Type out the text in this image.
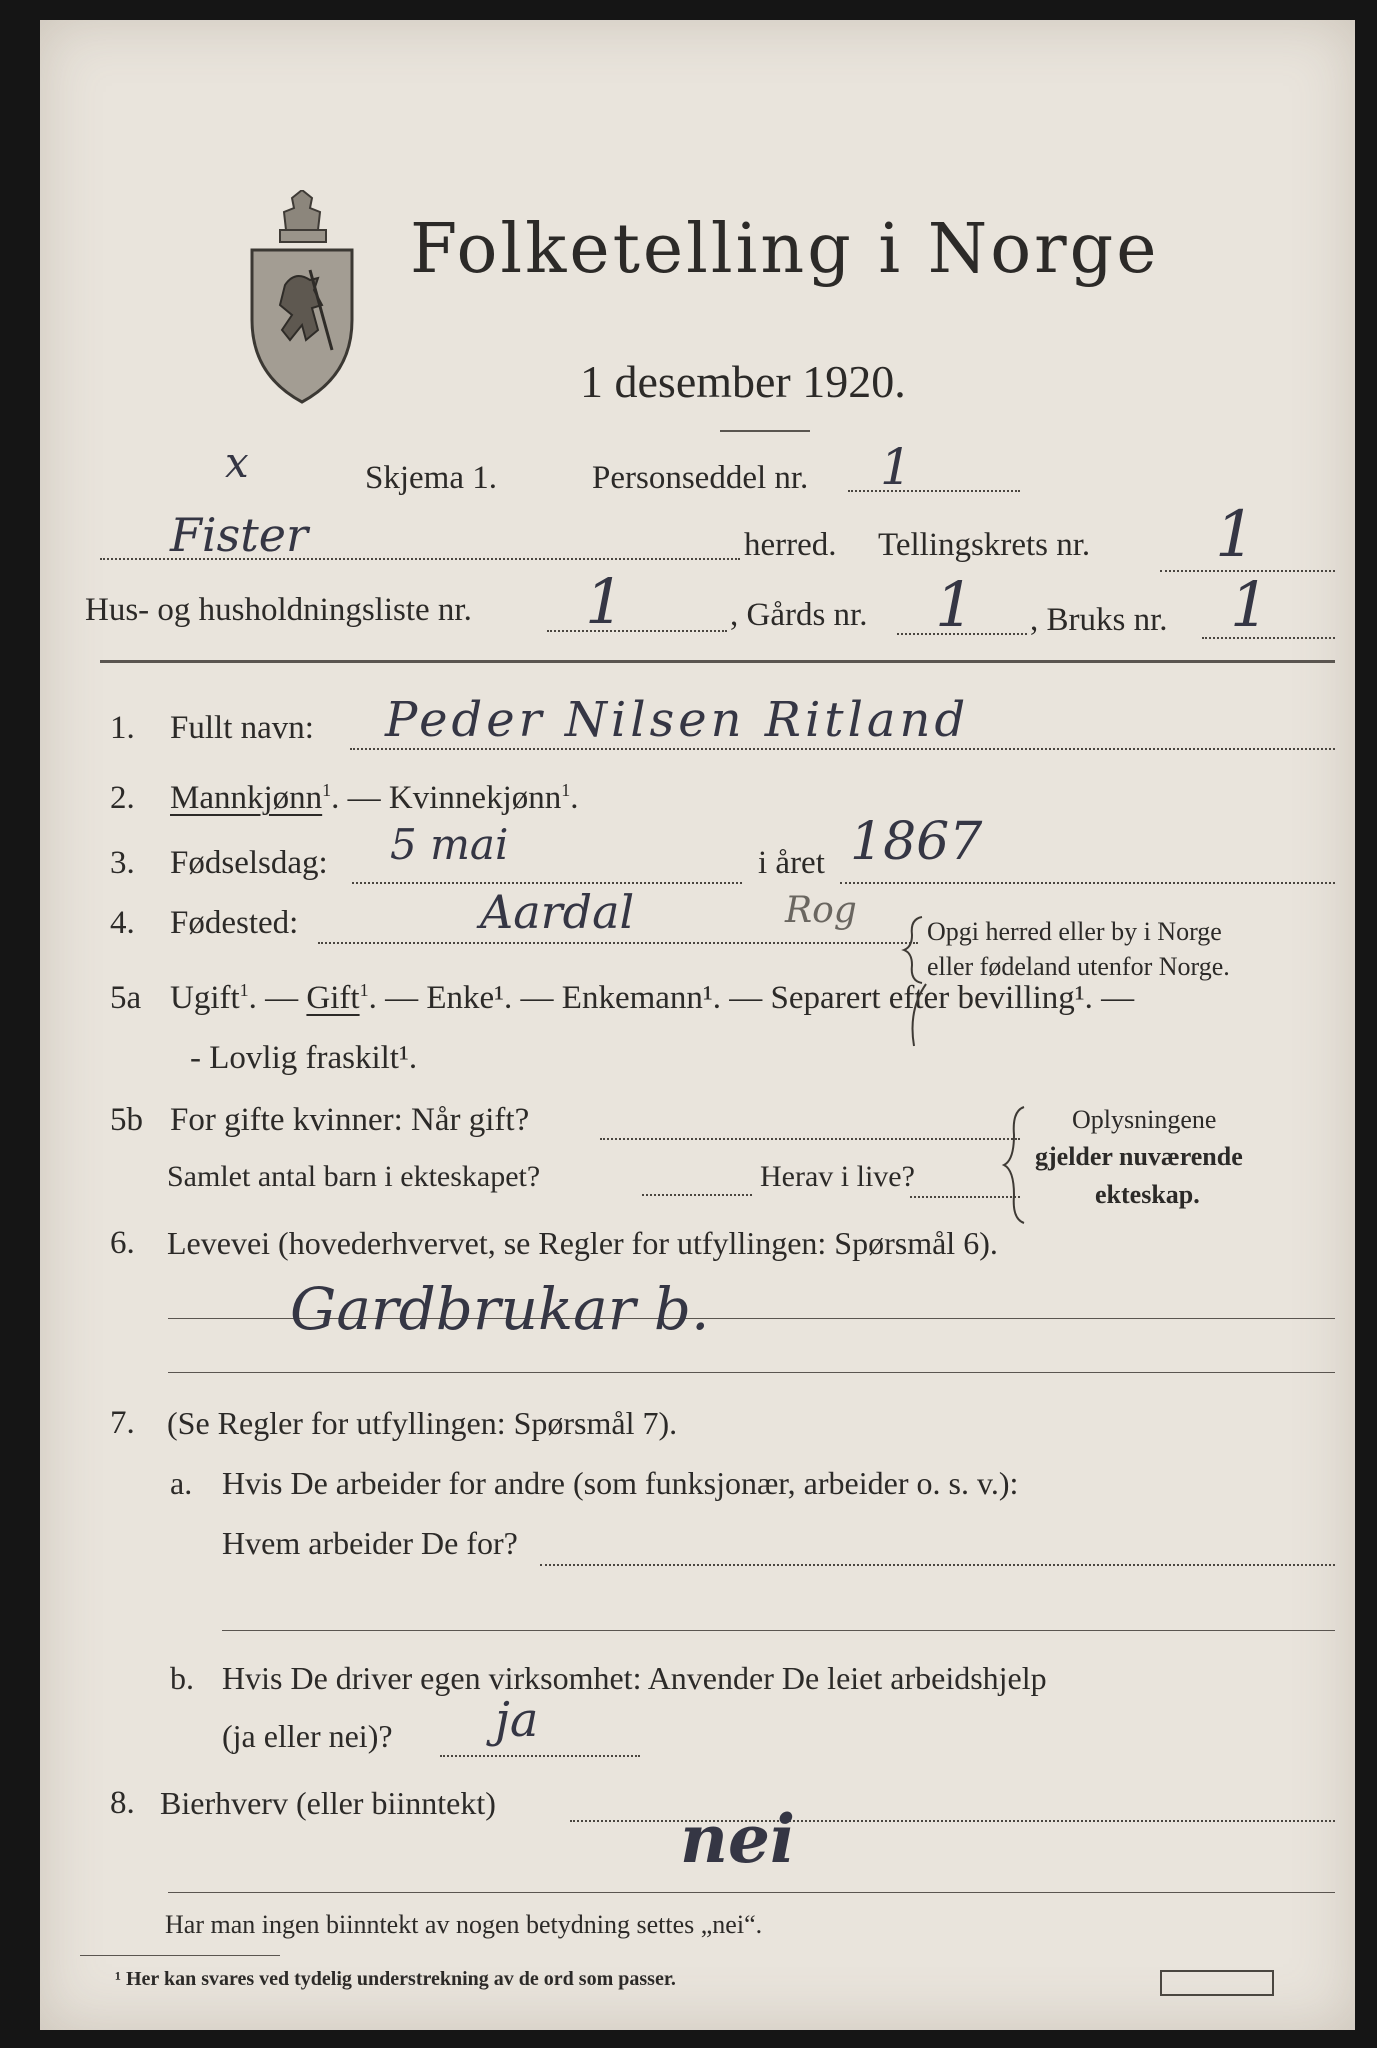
Folketelling i Norge
1 desember 1920.
Skjema 1.	Personseddel nr. 1
x
Fister	herred. Tellingskrets nr. 1
Hus- og husholdningsliste nr. 1	, Gårds nr. 1 , Bruks nr. 1
1. Fullt navn: Peder Nilsen Ritland
2. Mannkjønn$^1$. — Kvinnekjønn$^1$.
3. Fødselsdag: 5 mai	i året 1867
4. Fødested:	Aardal	Rog
Opgi herred eller by i Norge
eller fødeland utenfor Norge.
5a Ugift$^1$. — Gift$^1$. — Enke¹. — Enkemann¹. — Separert efter bevilling¹. —
- Lovlig fraskilt¹.
5b For gifte kvinner: Når gift?
Samlet antal barn i ekteskapet?	Herav i live?
Oplysningene
gjelder nuværende
ekteskap.
6. Levevei (hovederhvervet, se Regler for utfyllingen: Spørsmål 6).
Gardbrukar b.
7. (Se Regler for utfyllingen: Spørsmål 7).
a. Hvis De arbeider for andre (som funksjonær, arbeider o. s. v.):
Hvem arbeider De for?
b. Hvis De driver egen virksomhet: Anvender De leiet arbeidshjelp
(ja eller nei)? ja
8. Bierhverv (eller biinntekt)	nei
Har man ingen biinntekt av nogen betydning settes „nei“.
¹ Her kan svares ved tydelig understrekning av de ord som passer.
